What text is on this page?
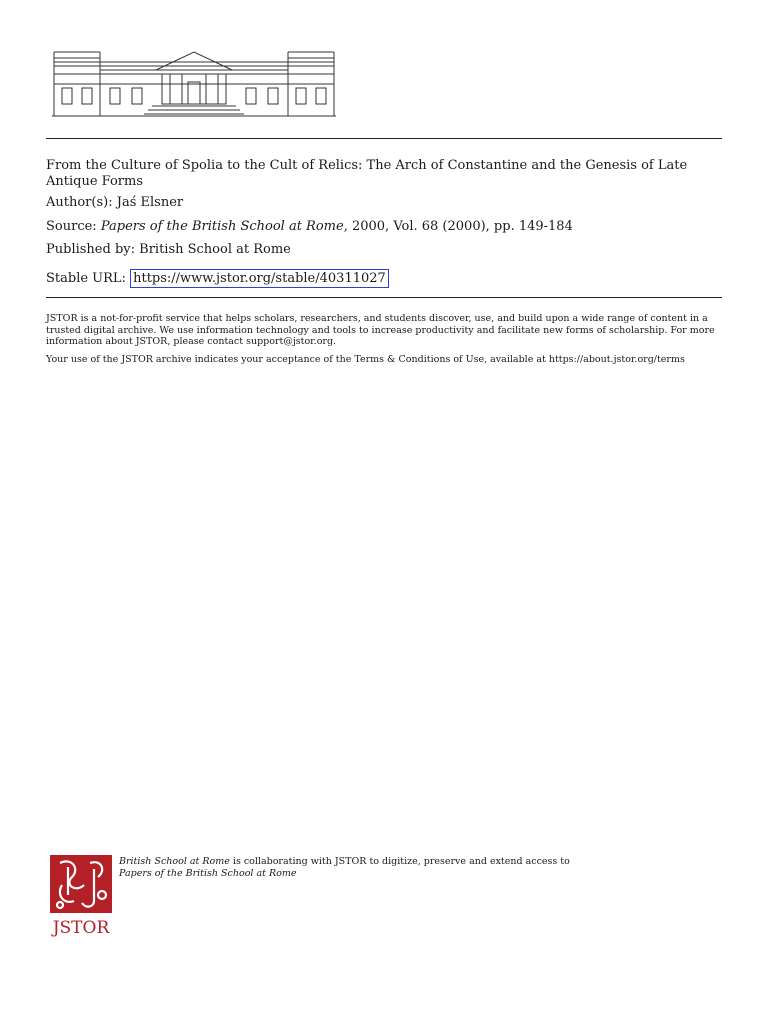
From the Culture of Spolia to the Cult of Relics: The Arch of Constantine and the Genesis of Late Antique Forms
Author(s): Jaś Elsner
Source: Papers of the British School at Rome, 2000, Vol. 68 (2000), pp. 149-184
Published by: British School at Rome
Stable URL: https://www.jstor.org/stable/40311027
JSTOR is a not-for-profit service that helps scholars, researchers, and students discover, use, and build upon a wide range of content in a trusted digital archive. We use information technology and tools to increase productivity and facilitate new forms of scholarship. For more information about JSTOR, please contact support@jstor.org.
Your use of the JSTOR archive indicates your acceptance of the Terms & Conditions of Use, available at https://about.jstor.org/terms
JSTOR
British School at Rome is collaborating with JSTOR to digitize, preserve and extend access to
Papers of the British School at Rome
